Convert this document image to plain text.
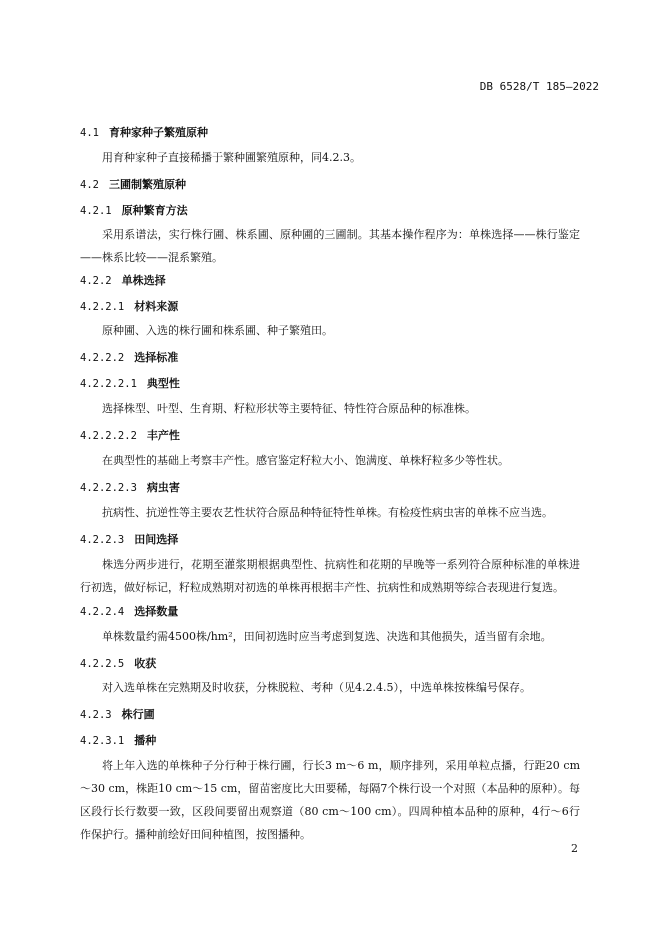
DB 6528/T 185—2022
4.1 育种家种子繁殖原种
用育种家种子直接稀播于繁种圃繁殖原种，同4.2.3。
4.2 三圃制繁殖原种
4.2.1 原种繁育方法
采用系谱法，实行株行圃、株系圃、原种圃的三圃制。其基本操作程序为：单株选择——株行鉴定——株系比较——混系繁殖。
4.2.2 单株选择
4.2.2.1 材料来源
原种圃、入选的株行圃和株系圃、种子繁殖田。
4.2.2.2 选择标准
4.2.2.2.1 典型性
选择株型、叶型、生育期、籽粒形状等主要特征、特性符合原品种的标准株。
4.2.2.2.2 丰产性
在典型性的基础上考察丰产性。感官鉴定籽粒大小、饱满度、单株籽粒多少等性状。
4.2.2.2.3 病虫害
抗病性、抗逆性等主要农艺性状符合原品种特征特性单株。有检疫性病虫害的单株不应当选。
4.2.2.3 田间选择
株选分两步进行，花期至灌浆期根据典型性、抗病性和花期的早晚等一系列符合原种标准的单株进行初选，做好标记，籽粒成熟期对初选的单株再根据丰产性、抗病性和成熟期等综合表现进行复选。
4.2.2.4 选择数量
单株数量约需4500株/hm²，田间初选时应当考虑到复选、决选和其他损失，适当留有余地。
4.2.2.5 收获
对入选单株在完熟期及时收获，分株脱粒、考种（见4.2.4.5），中选单株按株编号保存。
4.2.3 株行圃
4.2.3.1 播种
将上年入选的单株种子分行种于株行圃，行长3 m～6 m，顺序排列，采用单粒点播，行距20 cm～30 cm，株距10 cm～15 cm，留苗密度比大田要稀，每隔7个株行设一个对照（本品种的原种）。每区段行长行数要一致，区段间要留出观察道（80 cm～100 cm）。四周种植本品种的原种，4行～6行作保护行。播种前绘好田间种植图，按图播种。
2
